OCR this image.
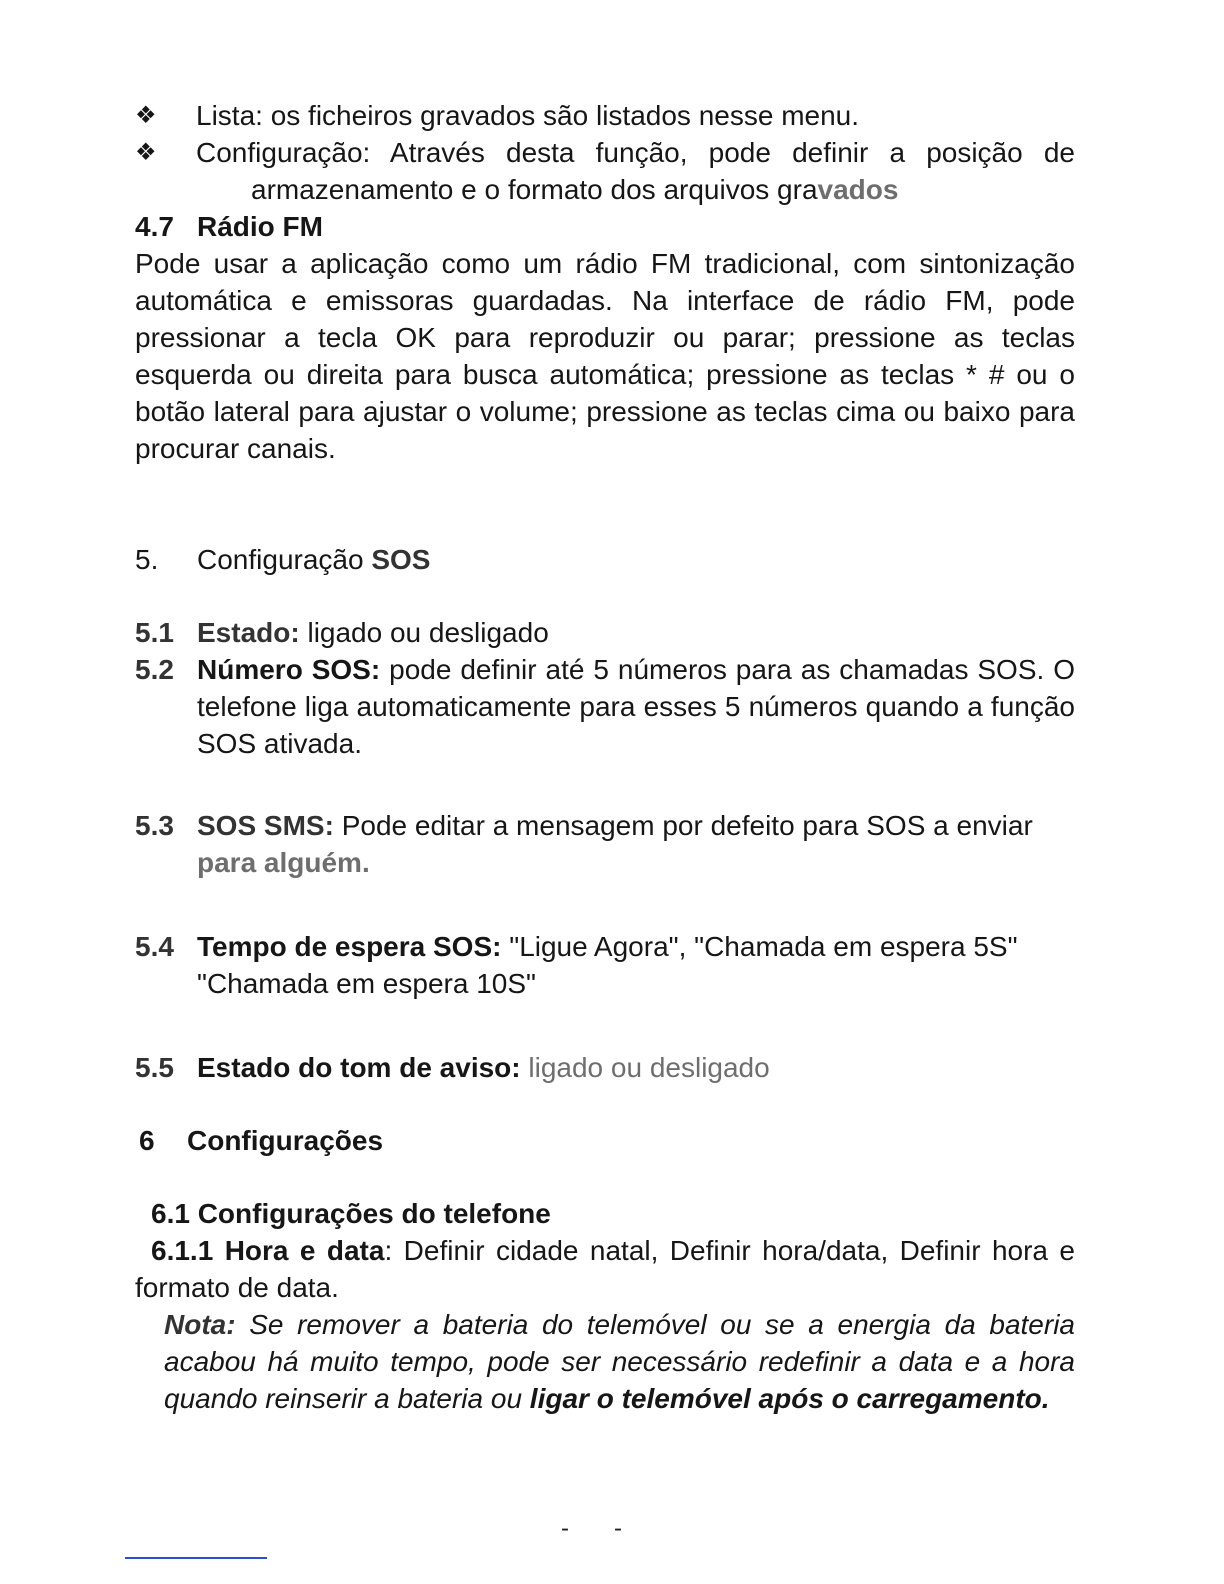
❖ Lista: os ficheiros gravados são listados nesse menu.
❖ Configuração: Através desta função, pode definir a posição de
armazenamento e o formato dos arquivos gravados
4.7 Rádio FM
Pode usar a aplicação como um rádio FM tradicional, com sintonização automática e emissoras guardadas. Na interface de rádio FM, pode pressionar a tecla OK para reproduzir ou parar; pressione as teclas esquerda ou direita para busca automática; pressione as teclas * # ou o botão lateral para ajustar o volume; pressione as teclas cima ou baixo para procurar canais.
5. Configuração SOS
5.1 Estado: ligado ou desligado
5.2 Número SOS: pode definir até 5 números para as chamadas SOS. O telefone liga automaticamente para esses 5 números quando a função SOS ativada.
5.3 SOS SMS: Pode editar a mensagem por defeito para SOS a enviar
para alguém.
5.4 Tempo de espera SOS: "Ligue Agora", "Chamada em espera 5S"
"Chamada em espera 10S"
5.5 Estado do tom de aviso: ligado ou desligado
6 Configurações
6.1 Configurações do telefone
6.1.1 Hora e data: Definir cidade natal, Definir hora/data, Definir hora e formato de data.
Nota: Se remover a bateria do telemóvel ou se a energia da bateria acabou há muito tempo, pode ser necessário redefinir a data e a hora quando reinserir a bateria ou ligar o telemóvel após o carregamento.
- -
